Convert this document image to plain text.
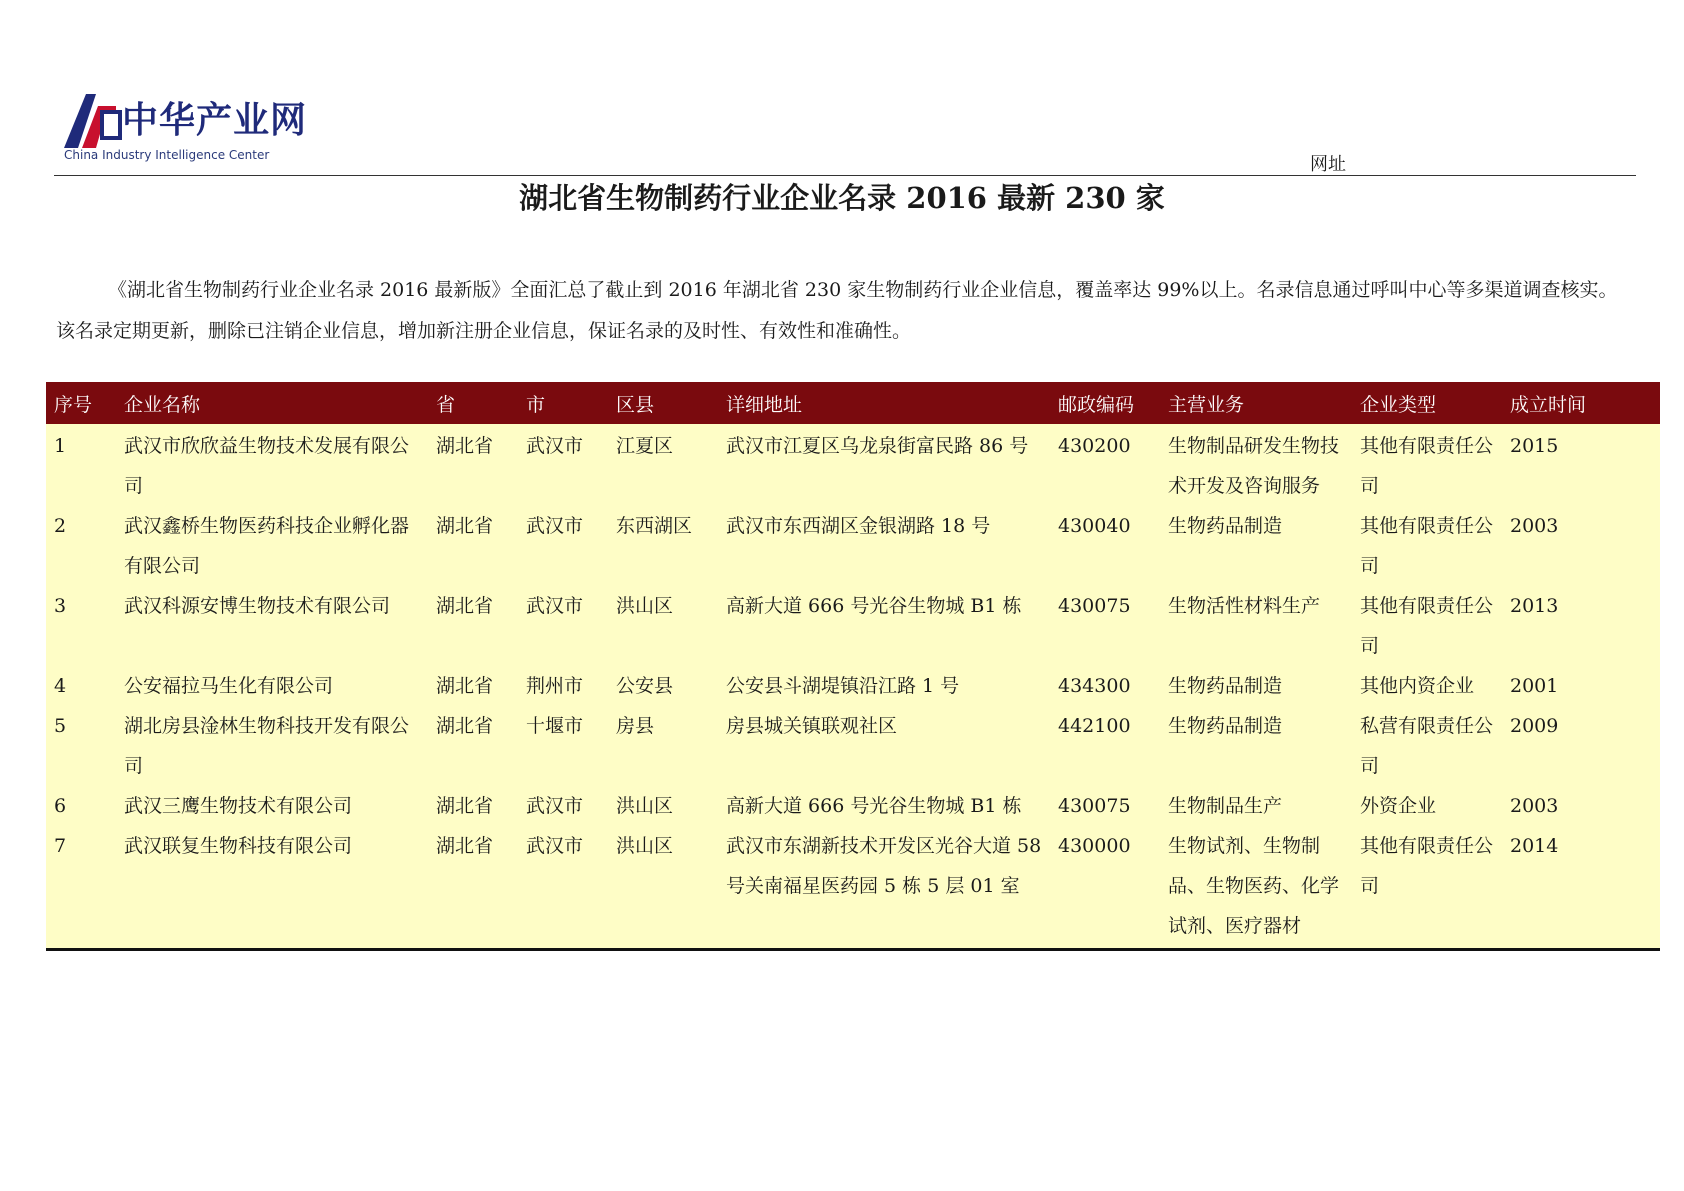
中华产业网
China Industry Intelligence Center	网址
湖北省生物制药行业企业名录 2016 最新 230 家

《湖北省生物制药行业企业名录 2016 最新版》全面汇总了截止到 2016 年湖北省 230 家生物制药行业企业信息，覆盖率达 99%以上。名录信息通过呼叫中心等多渠道调查核实。该名录定期更新，删除已注销企业信息，增加新注册企业信息，保证名录的及时性、有效性和准确性。

序号	企业名称	省	市	区县	详细地址	邮政编码	主营业务	企业类型	成立时间
1	武汉市欣欣益生物技术发展有限公司	湖北省	武汉市	江夏区	武汉市江夏区乌龙泉街富民路 86 号	430200	生物制品研发生物技术开发及咨询服务	其他有限责任公司	2015
2	武汉鑫桥生物医药科技企业孵化器有限公司	湖北省	武汉市	东西湖区	武汉市东西湖区金银湖路 18 号	430040	生物药品制造	其他有限责任公司	2003
3	武汉科源安博生物技术有限公司	湖北省	武汉市	洪山区	高新大道 666 号光谷生物城 B1 栋	430075	生物活性材料生产	其他有限责任公司	2013
4	公安福拉马生化有限公司	湖北省	荆州市	公安县	公安县斗湖堤镇沿江路 1 号	434300	生物药品制造	其他内资企业	2001
5	湖北房县淦林生物科技开发有限公司	湖北省	十堰市	房县	房县城关镇联观社区	442100	生物药品制造	私营有限责任公司	2009
6	武汉三鹰生物技术有限公司	湖北省	武汉市	洪山区	高新大道 666 号光谷生物城 B1 栋	430075	生物制品生产	外资企业	2003
7	武汉联复生物科技有限公司	湖北省	武汉市	洪山区	武汉市东湖新技术开发区光谷大道 58 号关南福星医药园 5 栋 5 层 01 室	430000	生物试剂、生物制品、生物医药、化学试剂、医疗器材	其他有限责任公司	2014
